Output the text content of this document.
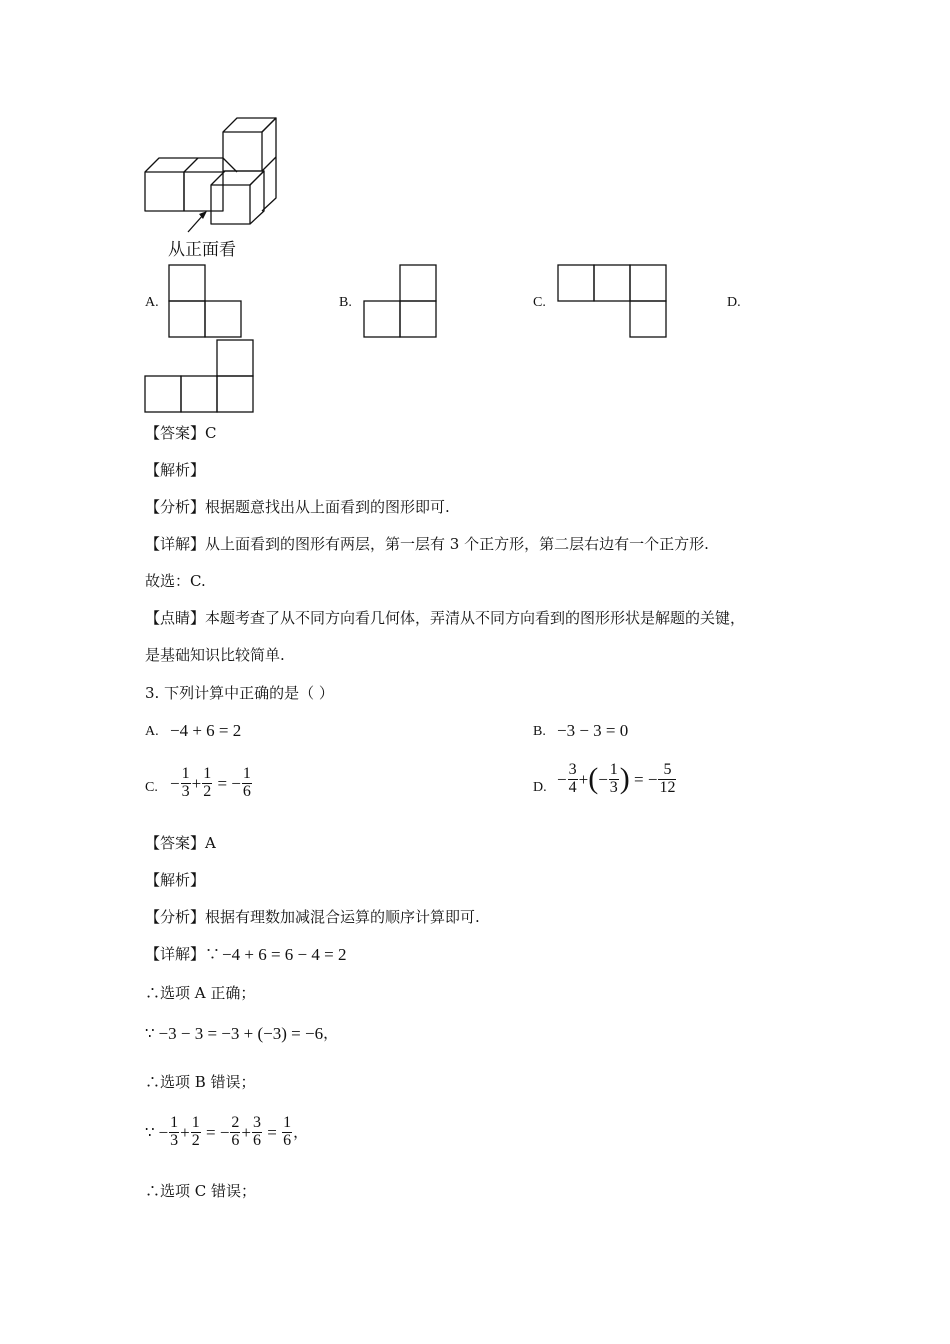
从正面看
A.	B.	C.	D.
【答案】C
【解析】
【分析】根据题意找出从上面看到的图形即可.
【详解】从上面看到的图形有两层，第一层有 3 个正方形，第二层右边有一个正方形.
故选：C.
【点睛】本题考查了从不同方向看几何体，弄清从不同方向看到的图形形状是解题的关键，
是基础知识比较简单.
3. 下列计算中正确的是（ ）
A. −4 + 6 = 2	B. −3 − 3 = 0
C. − $\frac{1}{3} + \frac{1}{2}$ = − $\frac{1}{6}$	D. − $\frac{3}{4}$ + ( − $\frac{1}{3}$ ) = − $\frac{5}{12}$
【答案】A
【解析】
【分析】根据有理数加减混合运算的顺序计算即可.
【详解】∵ −4 + 6 = 6 − 4 = 2
∴选项 A 正确；
∵ −3 − 3 = −3 + (−3) = −6 ，
∴选项 B 错误；
∵ − $\frac{1}{3} + \frac{1}{2}$ = − $\frac{2}{6} + \frac{3}{6} = \frac{1}{6}$ ，
∴选项 C 错误；
